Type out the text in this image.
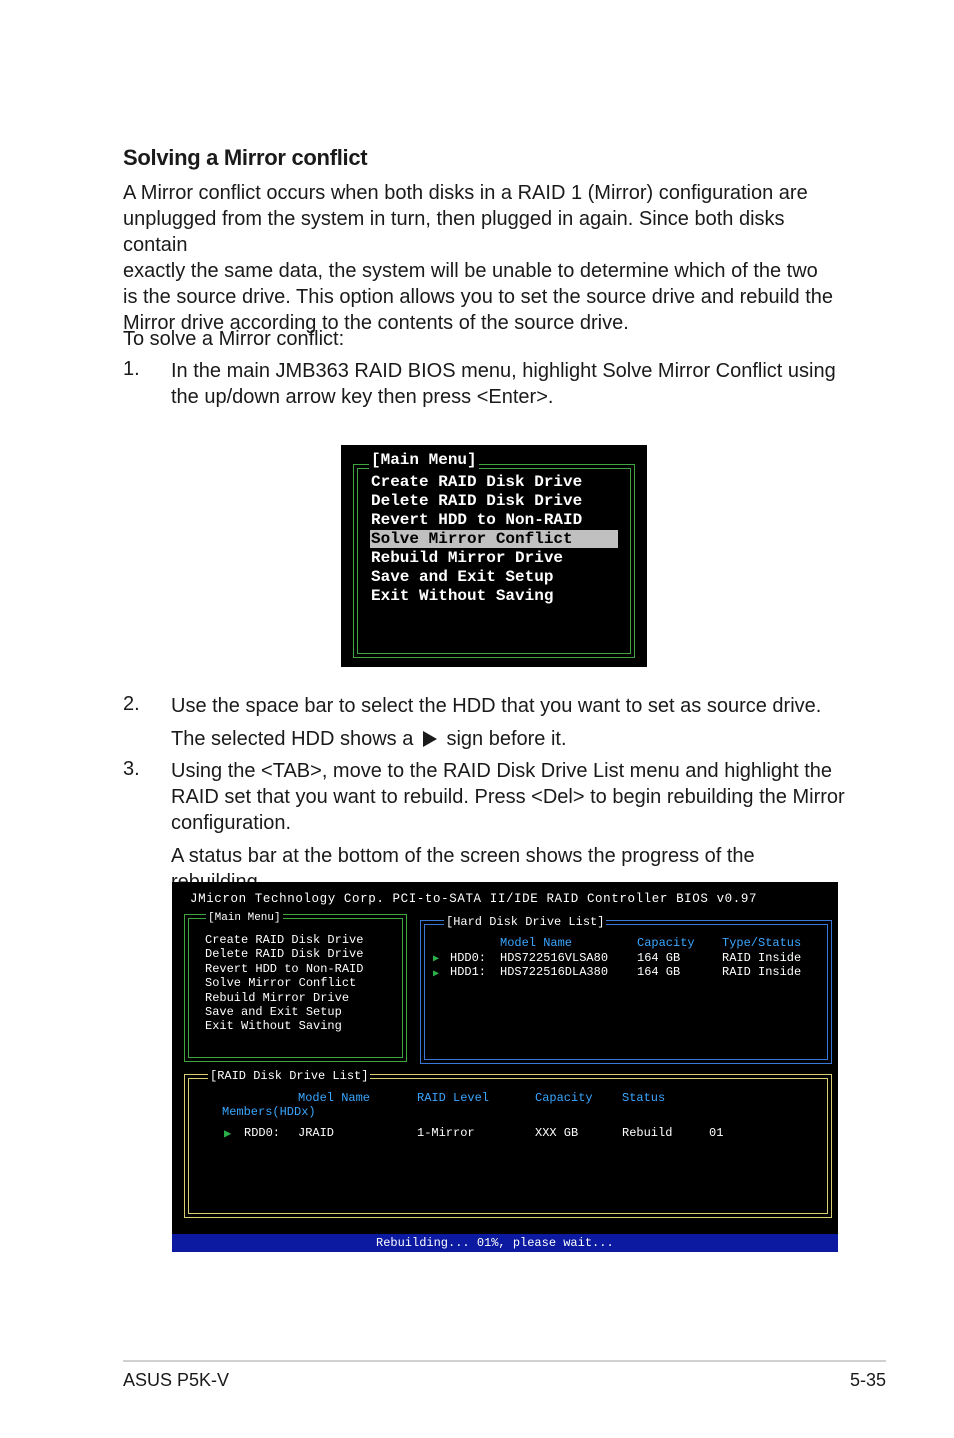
Solving a Mirror conflict
A Mirror conflict occurs when both disks in a RAID 1 (Mirror) configuration are
unplugged from the system in turn, then plugged in again. Since both disks contain
exactly the same data, the system will be unable to determine which of the two
is the source drive. This option allows you to set the source drive and rebuild the
Mirror drive according to the contents of the source drive.
To solve a Mirror conflict:
1. In the main JMB363 RAID BIOS menu, highlight Solve Mirror Conflict using
the up/down arrow key then press <Enter>.
[Main Menu]
Create RAID Disk Drive
Delete RAID Disk Drive
Revert HDD to Non-RAID
Solve Mirror Conflict
Rebuild Mirror Drive
Save and Exit Setup
Exit Without Saving
2. Use the space bar to select the HDD that you want to set as source drive.
The selected HDD shows a sign before it.
3. Using the <TAB>, move to the RAID Disk Drive List menu and highlight the
RAID set that you want to rebuild. Press <Del> to begin rebuilding the Mirror
configuration.
A status bar at the bottom of the screen shows the progress of the
JMicron Technology Corp. PCI-to-SATA II/IDE RAID Controller BIOS v0.97
[Main Menu]
Create RAID Disk Drive
Delete RAID Disk Drive
Revert HDD to Non-RAID
Solve Mirror Conflict
Rebuild Mirror Drive
Save and Exit Setup
Exit Without Saving
[Hard Disk Drive List]
Model Name	Capacity Type/Status
▶ HDD0: HDS722516VLSA80 164 GB	RAID Inside
▶ HDD1: HDS722516DLA380 164 GB	RAID Inside
[RAID Disk Drive List]
Model Name	RAID Level	Capacity Status
Members(HDDx)
▶ RDD0: JRAID	1-Mirror	XXX GB	Rebuild	01
Rebuilding... 01%, please wait...
ASUS P5K-V	5-35
